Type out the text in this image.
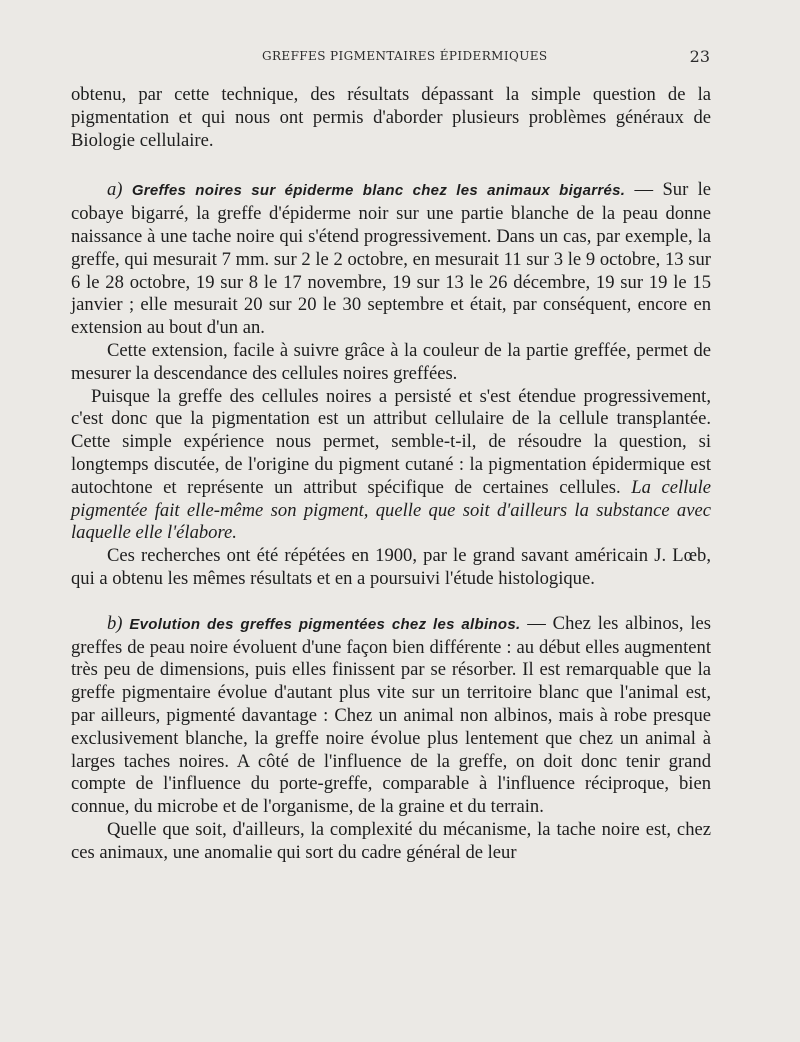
GREFFES PIGMENTAIRES ÉPIDERMIQUES	23

obtenu, par cette technique, des résultats dépassant la simple question de la pigmentation et qui nous ont permis d'aborder plusieurs problèmes généraux de Biologie cellulaire.

a) Greffes noires sur épiderme blanc chez les animaux bigarrés. — Sur le cobaye bigarré, la greffe d'épiderme noir sur une partie blanche de la peau donne naissance à une tache noire qui s'étend progressivement. Dans un cas, par exemple, la greffe, qui mesurait 7 mm. sur 2 le 2 octobre, en mesurait 11 sur 3 le 9 octobre, 13 sur 6 le 28 octobre, 19 sur 8 le 17 novembre, 19 sur 13 le 26 décembre, 19 sur 19 le 15 janvier ; elle mesurait 20 sur 20 le 30 septembre et était, par conséquent, encore en extension au bout d'un an.

Cette extension, facile à suivre grâce à la couleur de la partie greffée, permet de mesurer la descendance des cellules noires greffées.

Puisque la greffe des cellules noires a persisté et s'est étendue progressivement, c'est donc que la pigmentation est un attribut cellulaire de la cellule transplantée. Cette simple expérience nous permet, semble-t-il, de résoudre la question, si longtemps discutée, de l'origine du pigment cutané : la pigmentation épidermique est autochtone et représente un attribut spécifique de certaines cellules. La cellule pigmentée fait elle-même son pigment, quelle que soit d'ailleurs la substance avec laquelle elle l'élabore.

Ces recherches ont été répétées en 1900, par le grand savant américain J. Lœb, qui a obtenu les mêmes résultats et en a poursuivi l'étude histologique.

b) Evolution des greffes pigmentées chez les albinos. — Chez les albinos, les greffes de peau noire évoluent d'une façon bien différente : au début elles augmentent très peu de dimensions, puis elles finissent par se résorber. Il est remarquable que la greffe pigmentaire évolue d'autant plus vite sur un territoire blanc que l'animal est, par ailleurs, pigmenté davantage : Chez un animal non albinos, mais à robe presque exclusivement blanche, la greffe noire évolue plus lentement que chez un animal à larges taches noires. A côté de l'influence de la greffe, on doit donc tenir grand compte de l'influence du porte-greffe, comparable à l'influence réciproque, bien connue, du microbe et de l'organisme, de la graine et du terrain.

Quelle que soit, d'ailleurs, la complexité du mécanisme, la tache noire est, chez ces animaux, une anomalie qui sort du cadre général de leur
